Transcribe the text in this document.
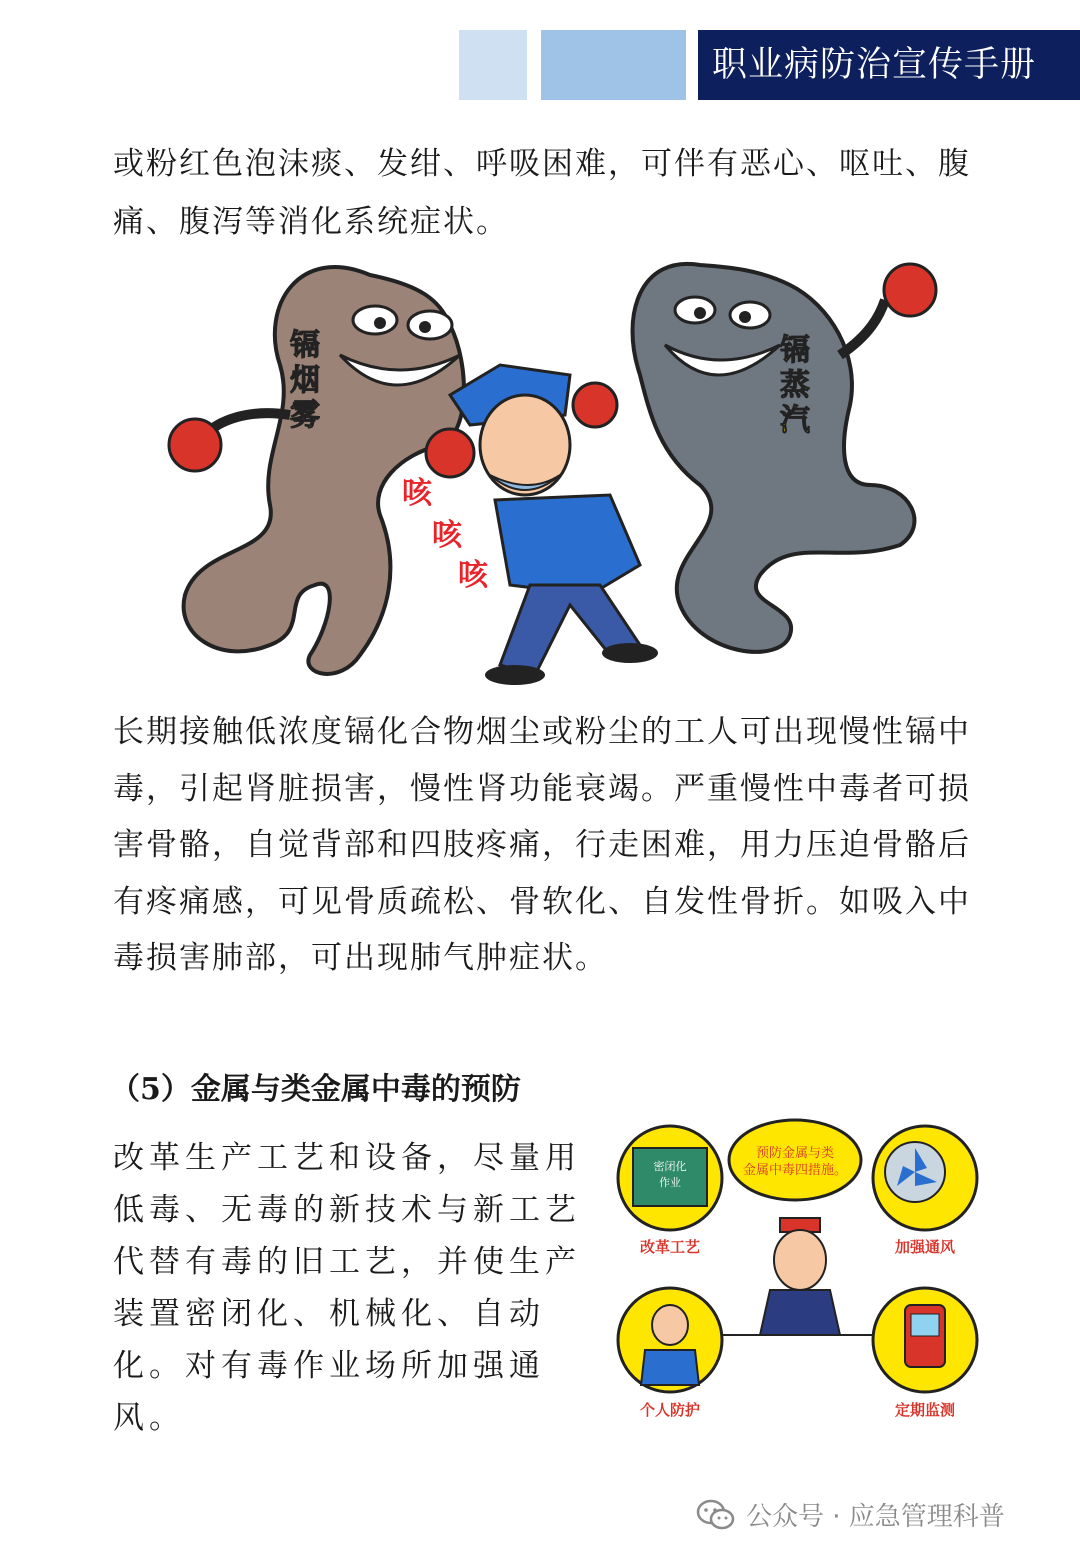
职业病防治宣传手册

或粉红色泡沫痰、发绀、呼吸困难，可伴有恶心、呕吐、腹痛、腹泻等消化系统症状。

镉
烟
雾
镉
蒸
汽
咳
咳
咳

长期接触低浓度镉化合物烟尘或粉尘的工人可出现慢性镉中毒，引起肾脏损害，慢性肾功能衰竭。严重慢性中毒者可损害骨骼，自觉背部和四肢疼痛，行走困难，用力压迫骨骼后有疼痛感，可见骨质疏松、骨软化、自发性骨折。如吸入中毒损害肺部，可出现肺气肿症状。

（5）金属与类金属中毒的预防

改革生产工艺和设备，尽量用低毒、无毒的新技术与新工艺代替有毒的旧工艺，并使生产装置密闭化、机械化、自动化。对有毒作业场所加强通风。

密闭化
作业
改革工艺
预防金属与类
金属中毒四措施。
加强通风
个人防护	定期监测
公众号 · 应急管理科普
